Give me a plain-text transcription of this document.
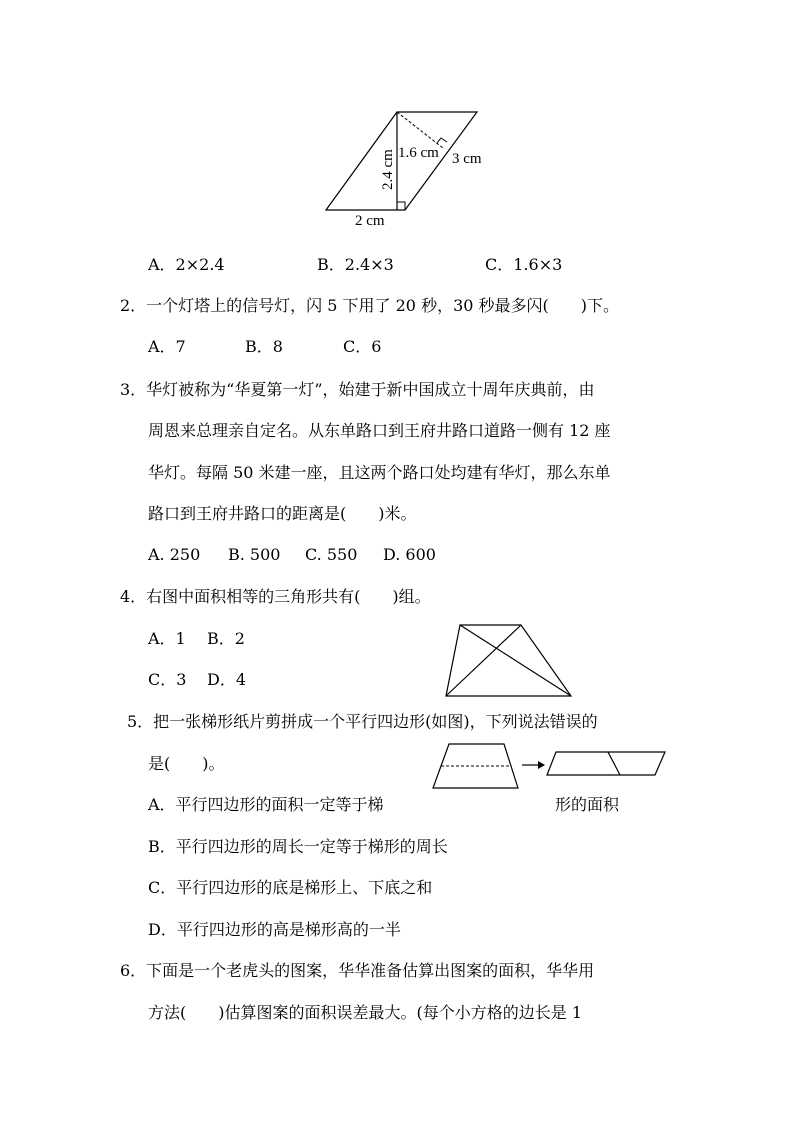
2.4 cm 1.6 cm 3 cm
2 cm
A．2×2.4	B．2.4×3	C．1.6×3
2．一个灯塔上的信号灯，闪 5 下用了 20 秒，30 秒最多闪(　　)下。
A．7	B．8	C．6
3．华灯被称为“华夏第一灯”，始建于新中国成立十周年庆典前，由
周恩来总理亲自定名。从东单路口到王府井路口道路一侧有 12 座
华灯。每隔 50 米建一座，且这两个路口处均建有华灯，那么东单
路口到王府井路口的距离是(　　)米。
A. 250 B. 500 C. 550 D. 600
4．右图中面积相等的三角形共有(　　)组。
A．1 B．2
C．3 D．4
5．把一张梯形纸片剪拼成一个平行四边形(如图)，下列说法错误的
是(　　)。
A．平行四边形的面积一定等于梯	形的面积
B．平行四边形的周长一定等于梯形的周长
C．平行四边形的底是梯形上、下底之和
D．平行四边形的高是梯形高的一半
6．下面是一个老虎头的图案，华华准备估算出图案的面积，华华用
方法(　　)估算图案的面积误差最大。(每个小方格的边长是 1
